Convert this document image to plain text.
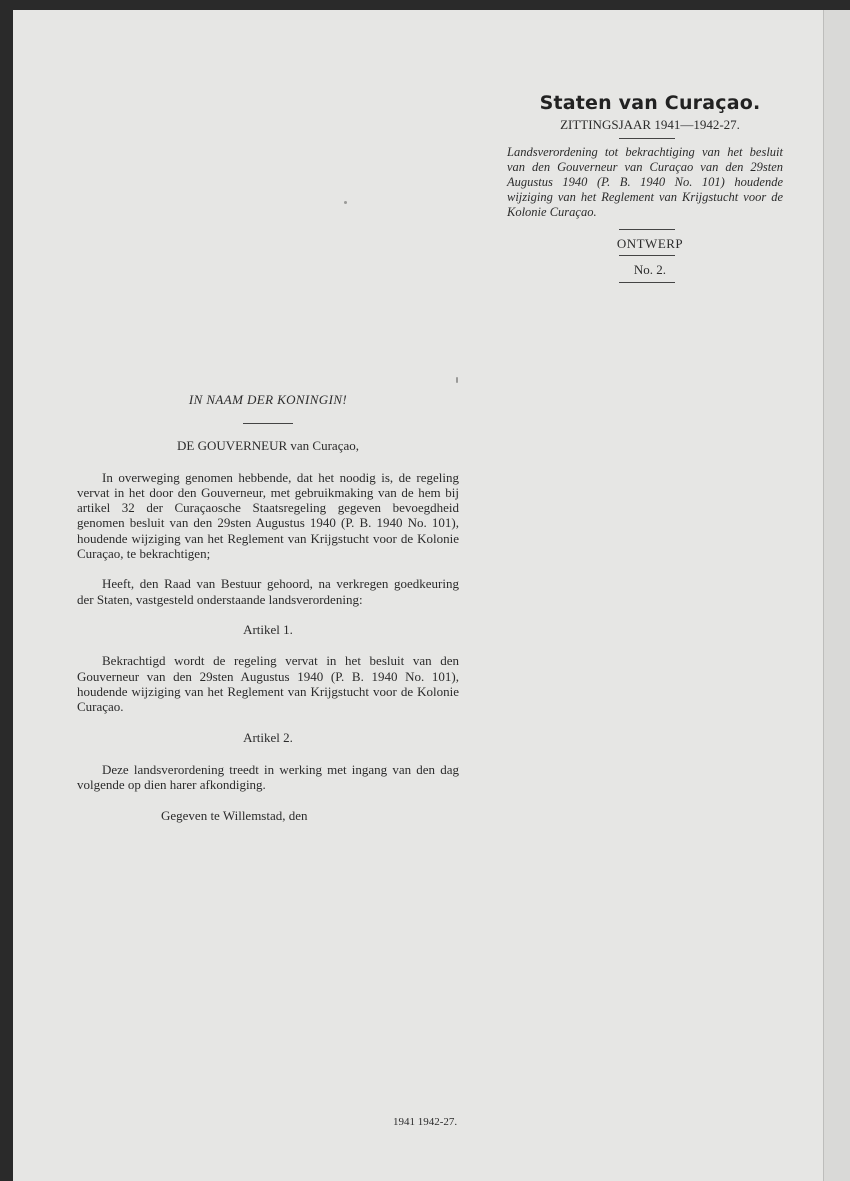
Staten van Curaçao.
ZITTINGSJAAR 1941—1942-27.
Landsverordening tot bekrachtiging van het besluit van den Gouverneur van Curaçao van den 29sten Augustus 1940 (P. B. 1940 No. 101) houdende wijziging van het Reglement van Krijgstucht voor de Kolonie Curaçao.
ONTWERP
No. 2.
IN NAAM DER KONINGIN!
DE GOUVERNEUR van Curaçao,

In overweging genomen hebbende, dat het noodig is, de regeling vervat in het door den Gouverneur, met gebruikmaking van de hem bij artikel 32 der Curaçaosche Staatsregeling gegeven bevoegdheid genomen besluit van den 29sten Augustus 1940 (P. B. 1940 No. 101), houdende wijziging van het Reglement van Krijgstucht voor de Kolonie Curaçao, te bekrachtigen;

Heeft, den Raad van Bestuur gehoord, na verkregen goedkeuring der Staten, vastgesteld onderstaande landsverordening:

Artikel 1.

Bekrachtigd wordt de regeling vervat in het besluit van den Gouverneur van den 29sten Augustus 1940 (P. B. 1940 No. 101), houdende wijziging van het Reglement van Krijgstucht voor de Kolonie Curaçao.

Artikel 2.

Deze landsverordening treedt in werking met ingang van den dag volgende op dien harer afkondiging.

Gegeven te Willemstad, den

1941 1942-27.
